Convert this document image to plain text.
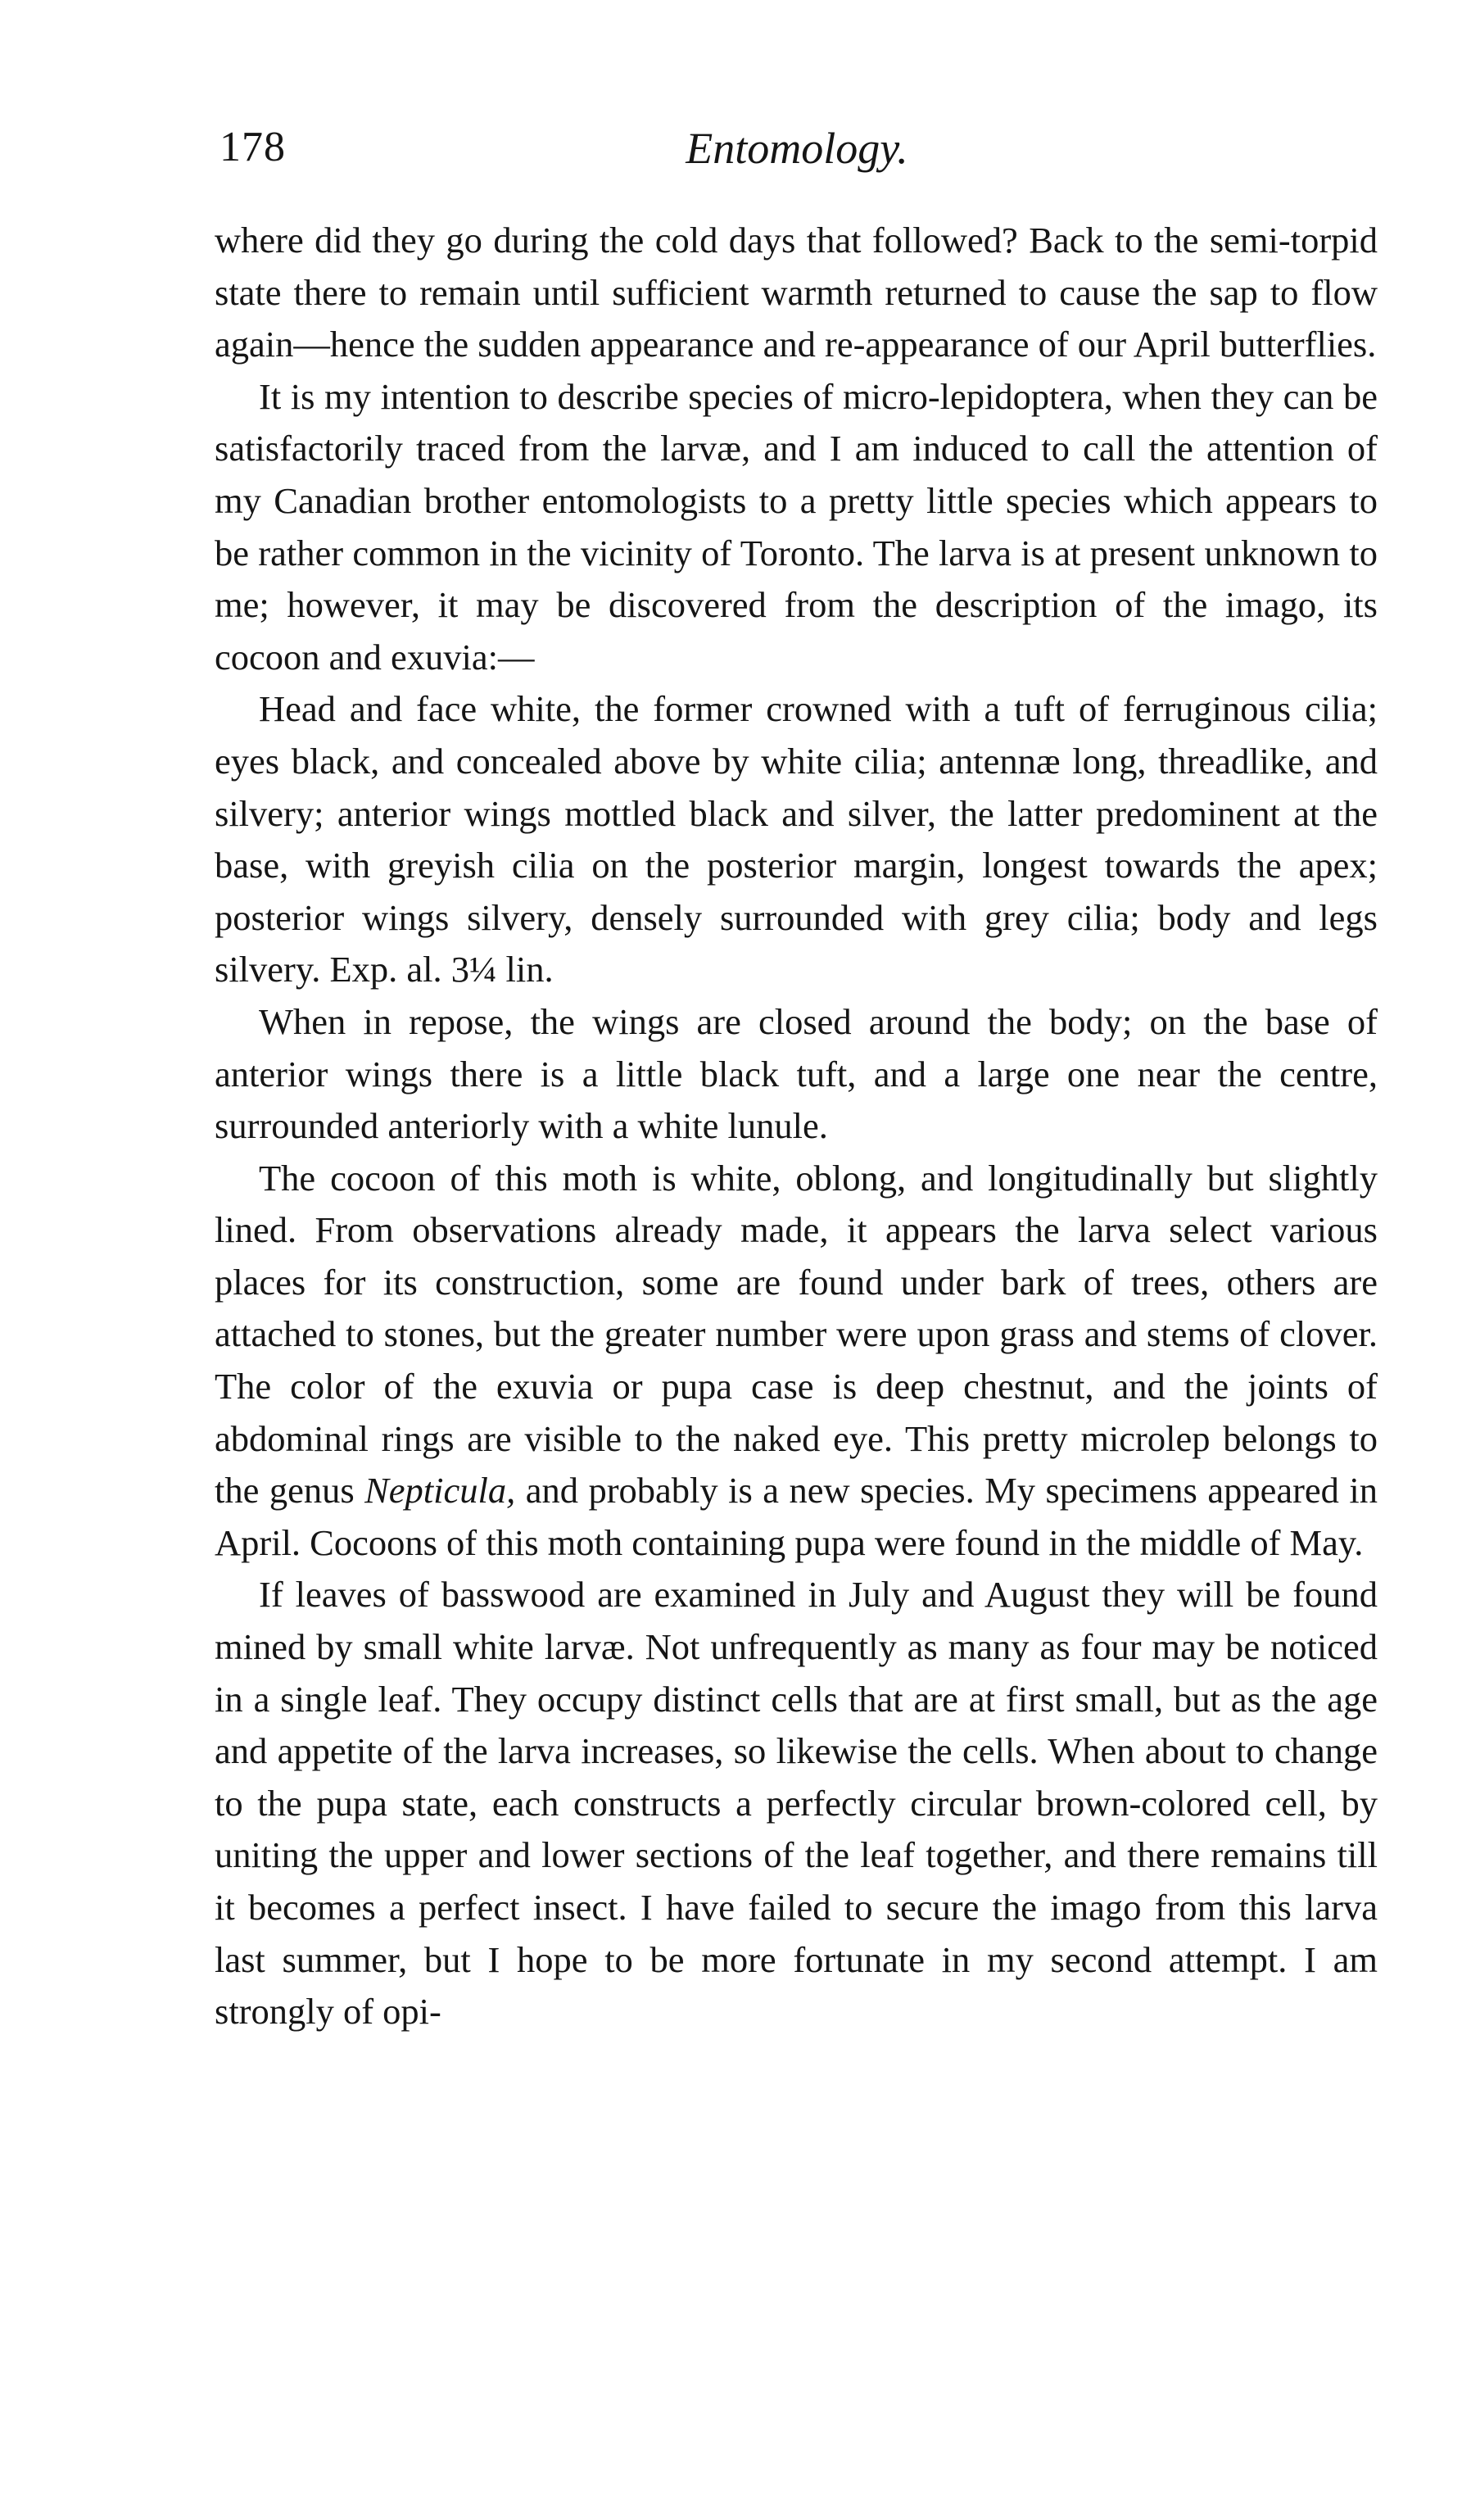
178	Entomology.

where did they go during the cold days that followed? Back to the semi-torpid state there to remain until sufficient warmth returned to cause the sap to flow again—hence the sudden appearance and re-appearance of our April butterflies.

It is my intention to describe species of micro-lepidoptera, when they can be satisfactorily traced from the larvæ, and I am induced to call the attention of my Canadian brother entomologists to a pretty little species which appears to be rather common in the vicinity of Toronto. The larva is at present unknown to me; however, it may be discovered from the description of the imago, its cocoon and exuvia:—

Head and face white, the former crowned with a tuft of ferruginous cilia; eyes black, and concealed above by white cilia; antennæ long, threadlike, and silvery; anterior wings mottled black and silver, the latter predominent at the base, with greyish cilia on the posterior margin, longest towards the apex; posterior wings silvery, densely surrounded with grey cilia; body and legs silvery. Exp. al. 3¼ lin.

When in repose, the wings are closed around the body; on the base of anterior wings there is a little black tuft, and a large one near the centre, surrounded anteriorly with a white lunule.

The cocoon of this moth is white, oblong, and longitudinally but slightly lined. From observations already made, it appears the larva select various places for its construction, some are found under bark of trees, others are attached to stones, but the greater number were upon grass and stems of clover. The color of the exuvia or pupa case is deep chestnut, and the joints of abdominal rings are visible to the naked eye. This pretty microlep belongs to the genus Nepticula, and probably is a new species. My specimens appeared in April. Cocoons of this moth containing pupa were found in the middle of May.

If leaves of basswood are examined in July and August they will be found mined by small white larvæ. Not unfrequently as many as four may be noticed in a single leaf. They occupy distinct cells that are at first small, but as the age and appetite of the larva increases, so likewise the cells. When about to change to the pupa state, each constructs a perfectly circular brown-colored cell, by uniting the upper and lower sections of the leaf together, and there remains till it becomes a perfect insect. I have failed to secure the imago from this larva last summer, but I hope to be more fortunate in my second attempt. I am strongly of opi-
